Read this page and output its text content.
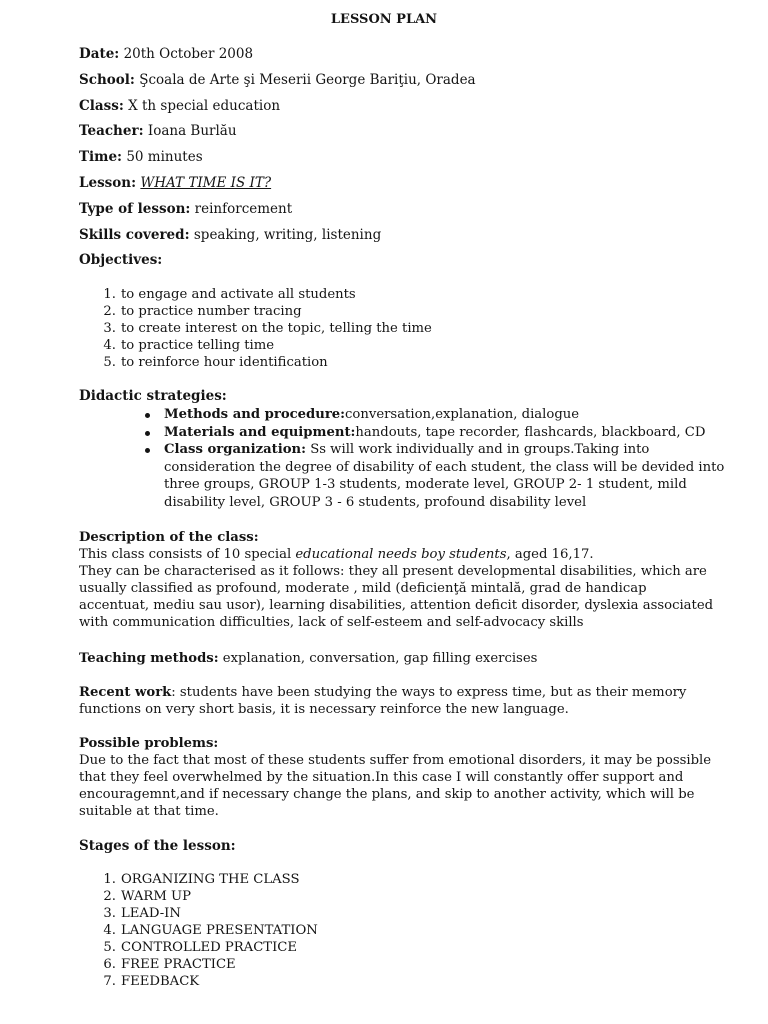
LESSON PLAN
Date: 20th October 2008
School: Şcoala de Arte şi Meserii George Bariţiu, Oradea
Class: X th special education
Teacher: Ioana Burlău
Time: 50 minutes
Lesson: WHAT TIME IS IT?
Type of lesson: reinforcement
Skills covered: speaking, writing, listening
Objectives:
1. to engage and activate all students
2. to practice number tracing
3. to create interest on the topic, telling the time
4. to practice telling time
5. to reinforce hour identification
Didactic strategies:
Methods and procedure:conversation,explanation, dialogue
Materials and equipment:handouts, tape recorder, flashcards, blackboard, CD
Class organization: Ss will work individually and in groups.Taking into consideration the degree of disability of each student, the class will be devided into three groups, GROUP 1-3 students, moderate level, GROUP 2- 1 student, mild disability level, GROUP 3 - 6 students, profound disability level
Description of the class:
This class consists of 10 special educational needs boy students, aged 16,17.
They can be characterised as it follows: they all present developmental disabilities, which are usually classified as profound, moderate , mild (deficienţă mintală, grad de handicap accentuat, mediu sau usor), learning disabilities, attention deficit disorder, dyslexia associated with communication difficulties, lack of self-esteem and self-advocacy skills
Teaching methods: explanation, conversation, gap filling exercises
Recent work: students have been studying the ways to express time, but as their memory functions on very short basis, it is necessary reinforce the new language.
Possible problems:
Due to the fact that most of these students suffer from emotional disorders, it may be possible that they feel overwhelmed by the situation.In this case I will constantly offer support and encouragemnt,and if necessary change the plans, and skip to another activity, which will be suitable at that time.
Stages of the lesson:
1. ORGANIZING THE CLASS
2. WARM UP
3. LEAD-IN
4. LANGUAGE PRESENTATION
5. CONTROLLED PRACTICE
6. FREE PRACTICE
7. FEEDBACK
